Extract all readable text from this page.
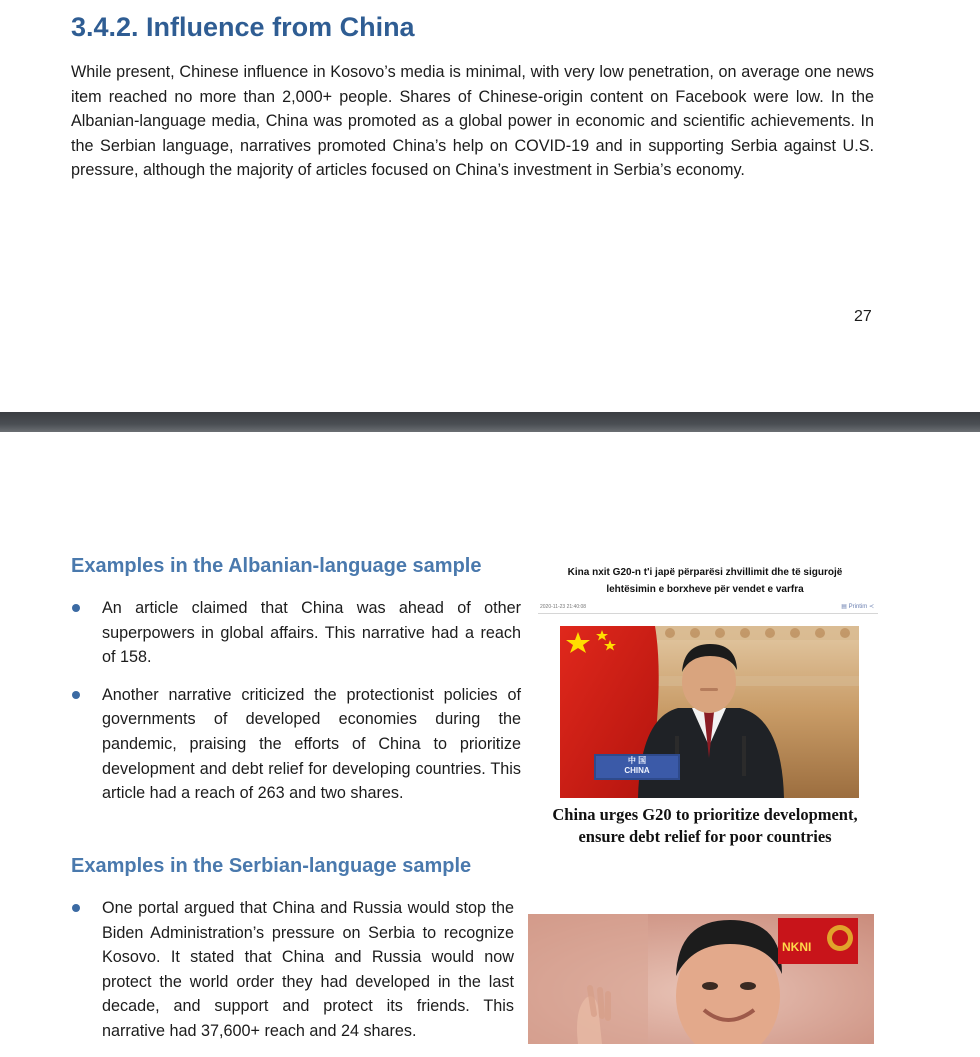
3.4.2. Influence from China

While present, Chinese influence in Kosovo’s media is minimal, with very low penetration, on average one news item reached no more than 2,000+ people. Shares of Chinese-origin content on Facebook were low. In the Albanian-language media, China was promoted as a global power in economic and scientific achievements. In the Serbian language, narratives promoted China’s help on COVID-19 and in supporting Serbia against U.S. pressure, although the majority of articles focused on China’s investment in Serbia’s economy.

27
Examples in the Albanian-language sample
An article claimed that China was ahead of other superpowers in global affairs. This narrative had a reach of 158.
Another narrative criticized the protectionist policies of governments of developed economies during the pandemic, praising the efforts of China to prioritize development and debt relief for developing countries. This article had a reach of 263 and two shares.
Examples in the Serbian-language sample
One portal argued that China and Russia would stop the Biden Administration’s pressure on Serbia to recognize Kosovo. It stated that China and Russia would now protect the world order they had developed in the last decade, and support and protect its friends. This narrative had 37,600+ reach and 24 shares.
Kina nxit G20-n t'i japë përparësi zhvillimit dhe të sigurojë
lehtësimin e borxheve për vendet e varfra
2020-11-23 21:40:08	▤ Printim ≺
中 国
CHINA
China urges G20 to prioritize development,
ensure debt relief for poor countries
NKNI
